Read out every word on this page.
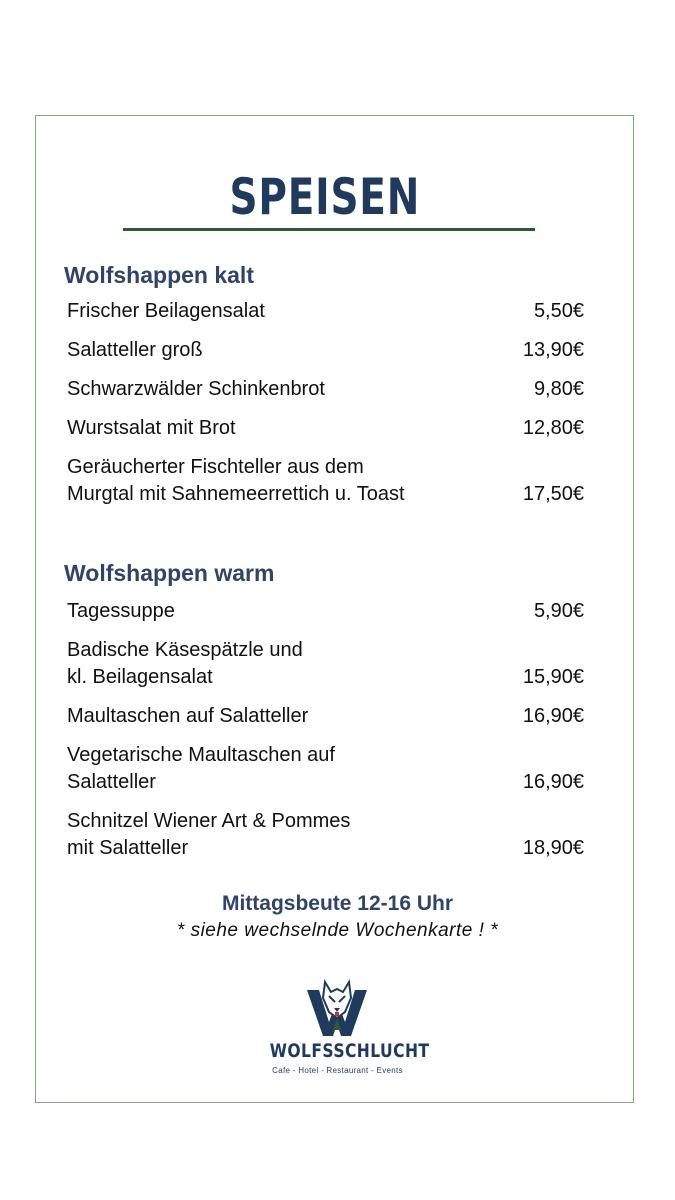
SPEISEN
Wolfshappen kalt
Frischer Beilagensalat	5,50€
Salatteller groß	13,90€
Schwarzwälder Schinkenbrot	9,80€
Wurstsalat mit Brot	12,80€
Geräucherter Fischteller aus dem
Murgtal mit Sahnemeerrettich u. Toast	17,50€
Wolfshappen warm
Tagessuppe	5,90€
Badische Käsespätzle und
kl. Beilagensalat	15,90€
Maultaschen auf Salatteller	16,90€
Vegetarische Maultaschen auf
Salatteller	16,90€
Schnitzel Wiener Art & Pommes
mit Salatteller	18,90€
Mittagsbeute 12-16 Uhr
* siehe wechselnde Wochenkarte ! *
WOLFSSCHLUCHT
Cafe - Hotel - Restaurant - Events
